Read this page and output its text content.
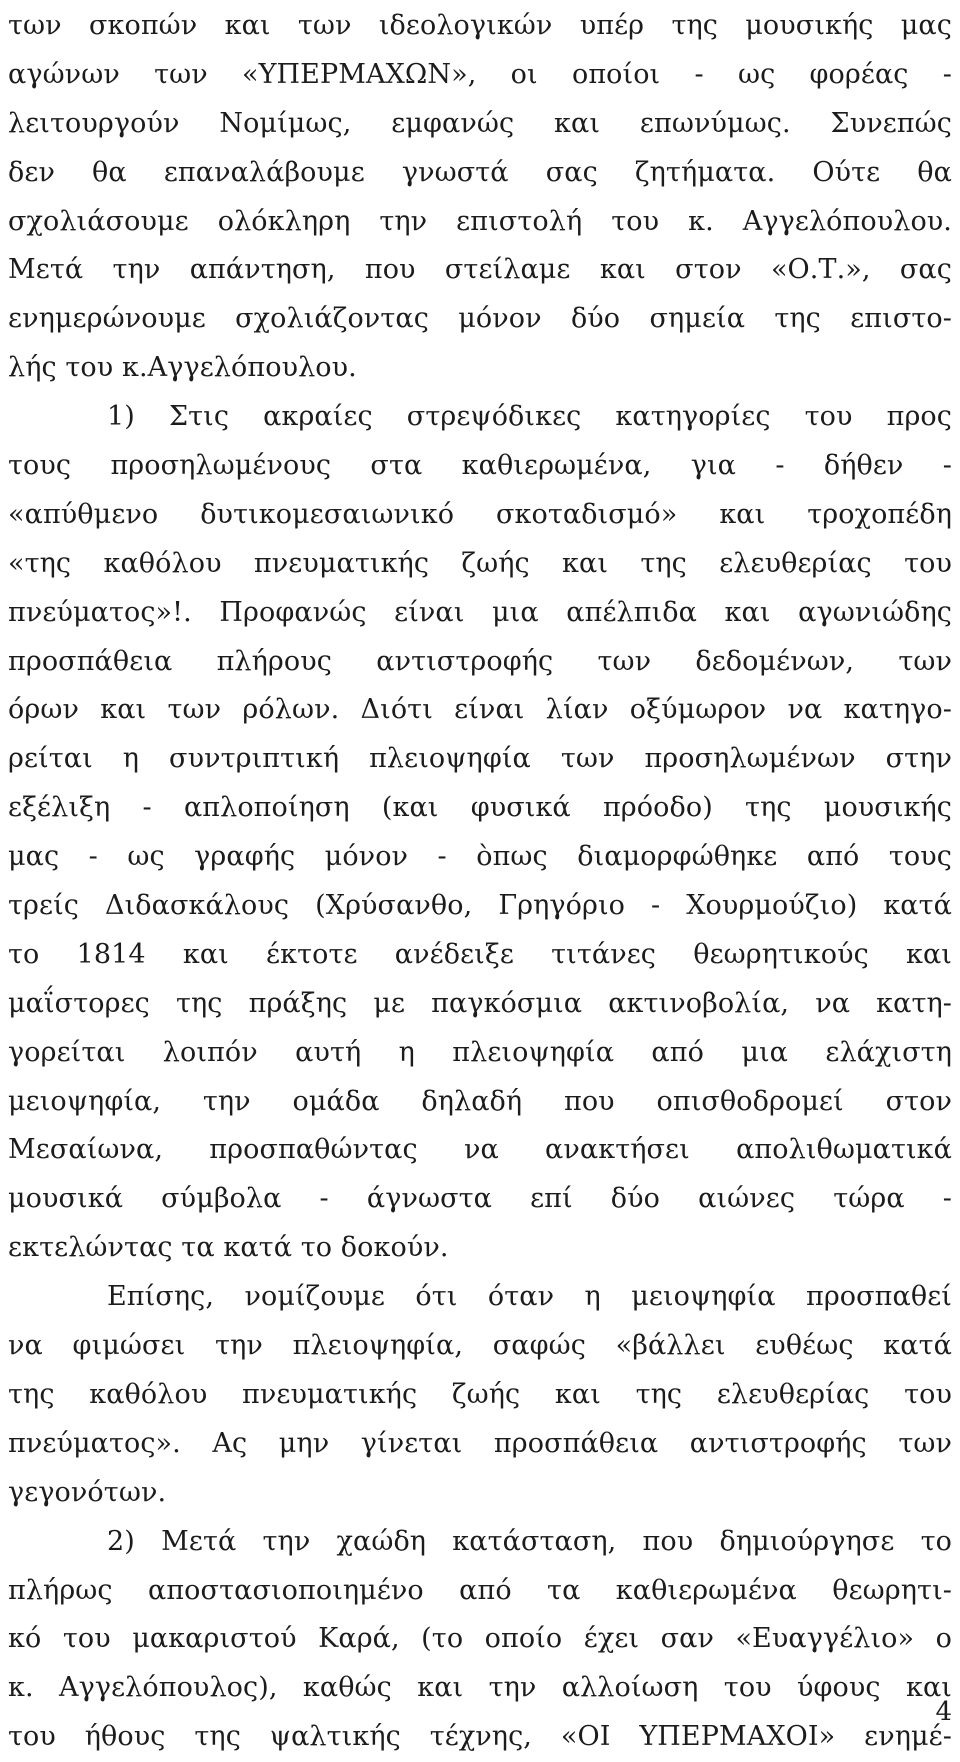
των σκοπών και των ιδεολογικών υπέρ της μουσικής μας
αγώνων των «ΥΠΕΡΜΑΧΩΝ», οι οποίοι - ως φορέας -
λειτουργούν Νομίμως, εμφανώς και επωνύμως. Συνεπώς
δεν θα επαναλάβουμε γνωστά σας ζητήματα. Ούτε θα
σχολιάσουμε ολόκληρη την επιστολή του κ. Αγγελόπουλου.
Μετά την απάντηση, που στείλαμε και στον «Ο.Τ.», σας
ενημερώνουμε σχολιάζοντας μόνον δύο σημεία της επιστο-
λής του κ.Αγγελόπουλου.
1) Στις ακραίες στρεψόδικες κατηγορίες του προς
τους προσηλωμένους στα καθιερωμένα, για - δήθεν -
«απύθμενο δυτικομεσαιωνικό σκοταδισμό» και τροχοπέδη
«της καθόλου πνευματικής ζωής και της ελευθερίας του
πνεύματος»!. Προφανώς είναι μια απέλπιδα και αγωνιώδης
προσπάθεια πλήρους αντιστροφής των δεδομένων, των
όρων και των ρόλων. Διότι είναι λίαν οξύμωρον να κατηγο-
ρείται η συντριπτική πλειοψηφία των προσηλωμένων στην
εξέλιξη - απλοποίηση (και φυσικά πρόοδο) της μουσικής
μας - ως γραφής μόνον - ὸπως διαμορφώθηκε από τους
τρείς Διδασκάλους (Χρύσανθο, Γρηγόριο - Χουρμούζιο) κατά
το 1814 και έκτοτε ανέδειξε τιτάνες θεωρητικούς και
μαΐστορες της πράξης με παγκόσμια ακτινοβολία, να κατη-
γορείται λοιπόν αυτή η πλειοψηφία από μια ελάχιστη
μειοψηφία, την ομάδα δηλαδή που οπισθοδρομεί στον
Μεσαίωνα, προσπαθώντας να ανακτήσει απολιθωματικά
μουσικά σύμβολα - άγνωστα επί δύο αιώνες τώρα -
εκτελώντας τα κατά το δοκούν.
Επίσης, νομίζουμε ότι όταν η μειοψηφία προσπαθεί
να φιμώσει την πλειοψηφία, σαφώς «βάλλει ευθέως κατά
της καθόλου πνευματικής ζωής και της ελευθερίας του
πνεύματος». Ας μην γίνεται προσπάθεια αντιστροφής των
γεγονότων.
2) Μετά την χαώδη κατάσταση, που δημιούργησε το
πλήρως αποστασιοποιημένο από τα καθιερωμένα θεωρητι-
κό του μακαριστού Καρά, (το οποίο έχει σαν «Ευαγγέλιο» ο
κ. Αγγελόπουλος), καθώς και την αλλοίωση του ύφους και
του ήθους της ψαλτικής τέχνης, «ΟΙ ΥΠΕΡΜΑΧΟΙ» ενημέ-
4
